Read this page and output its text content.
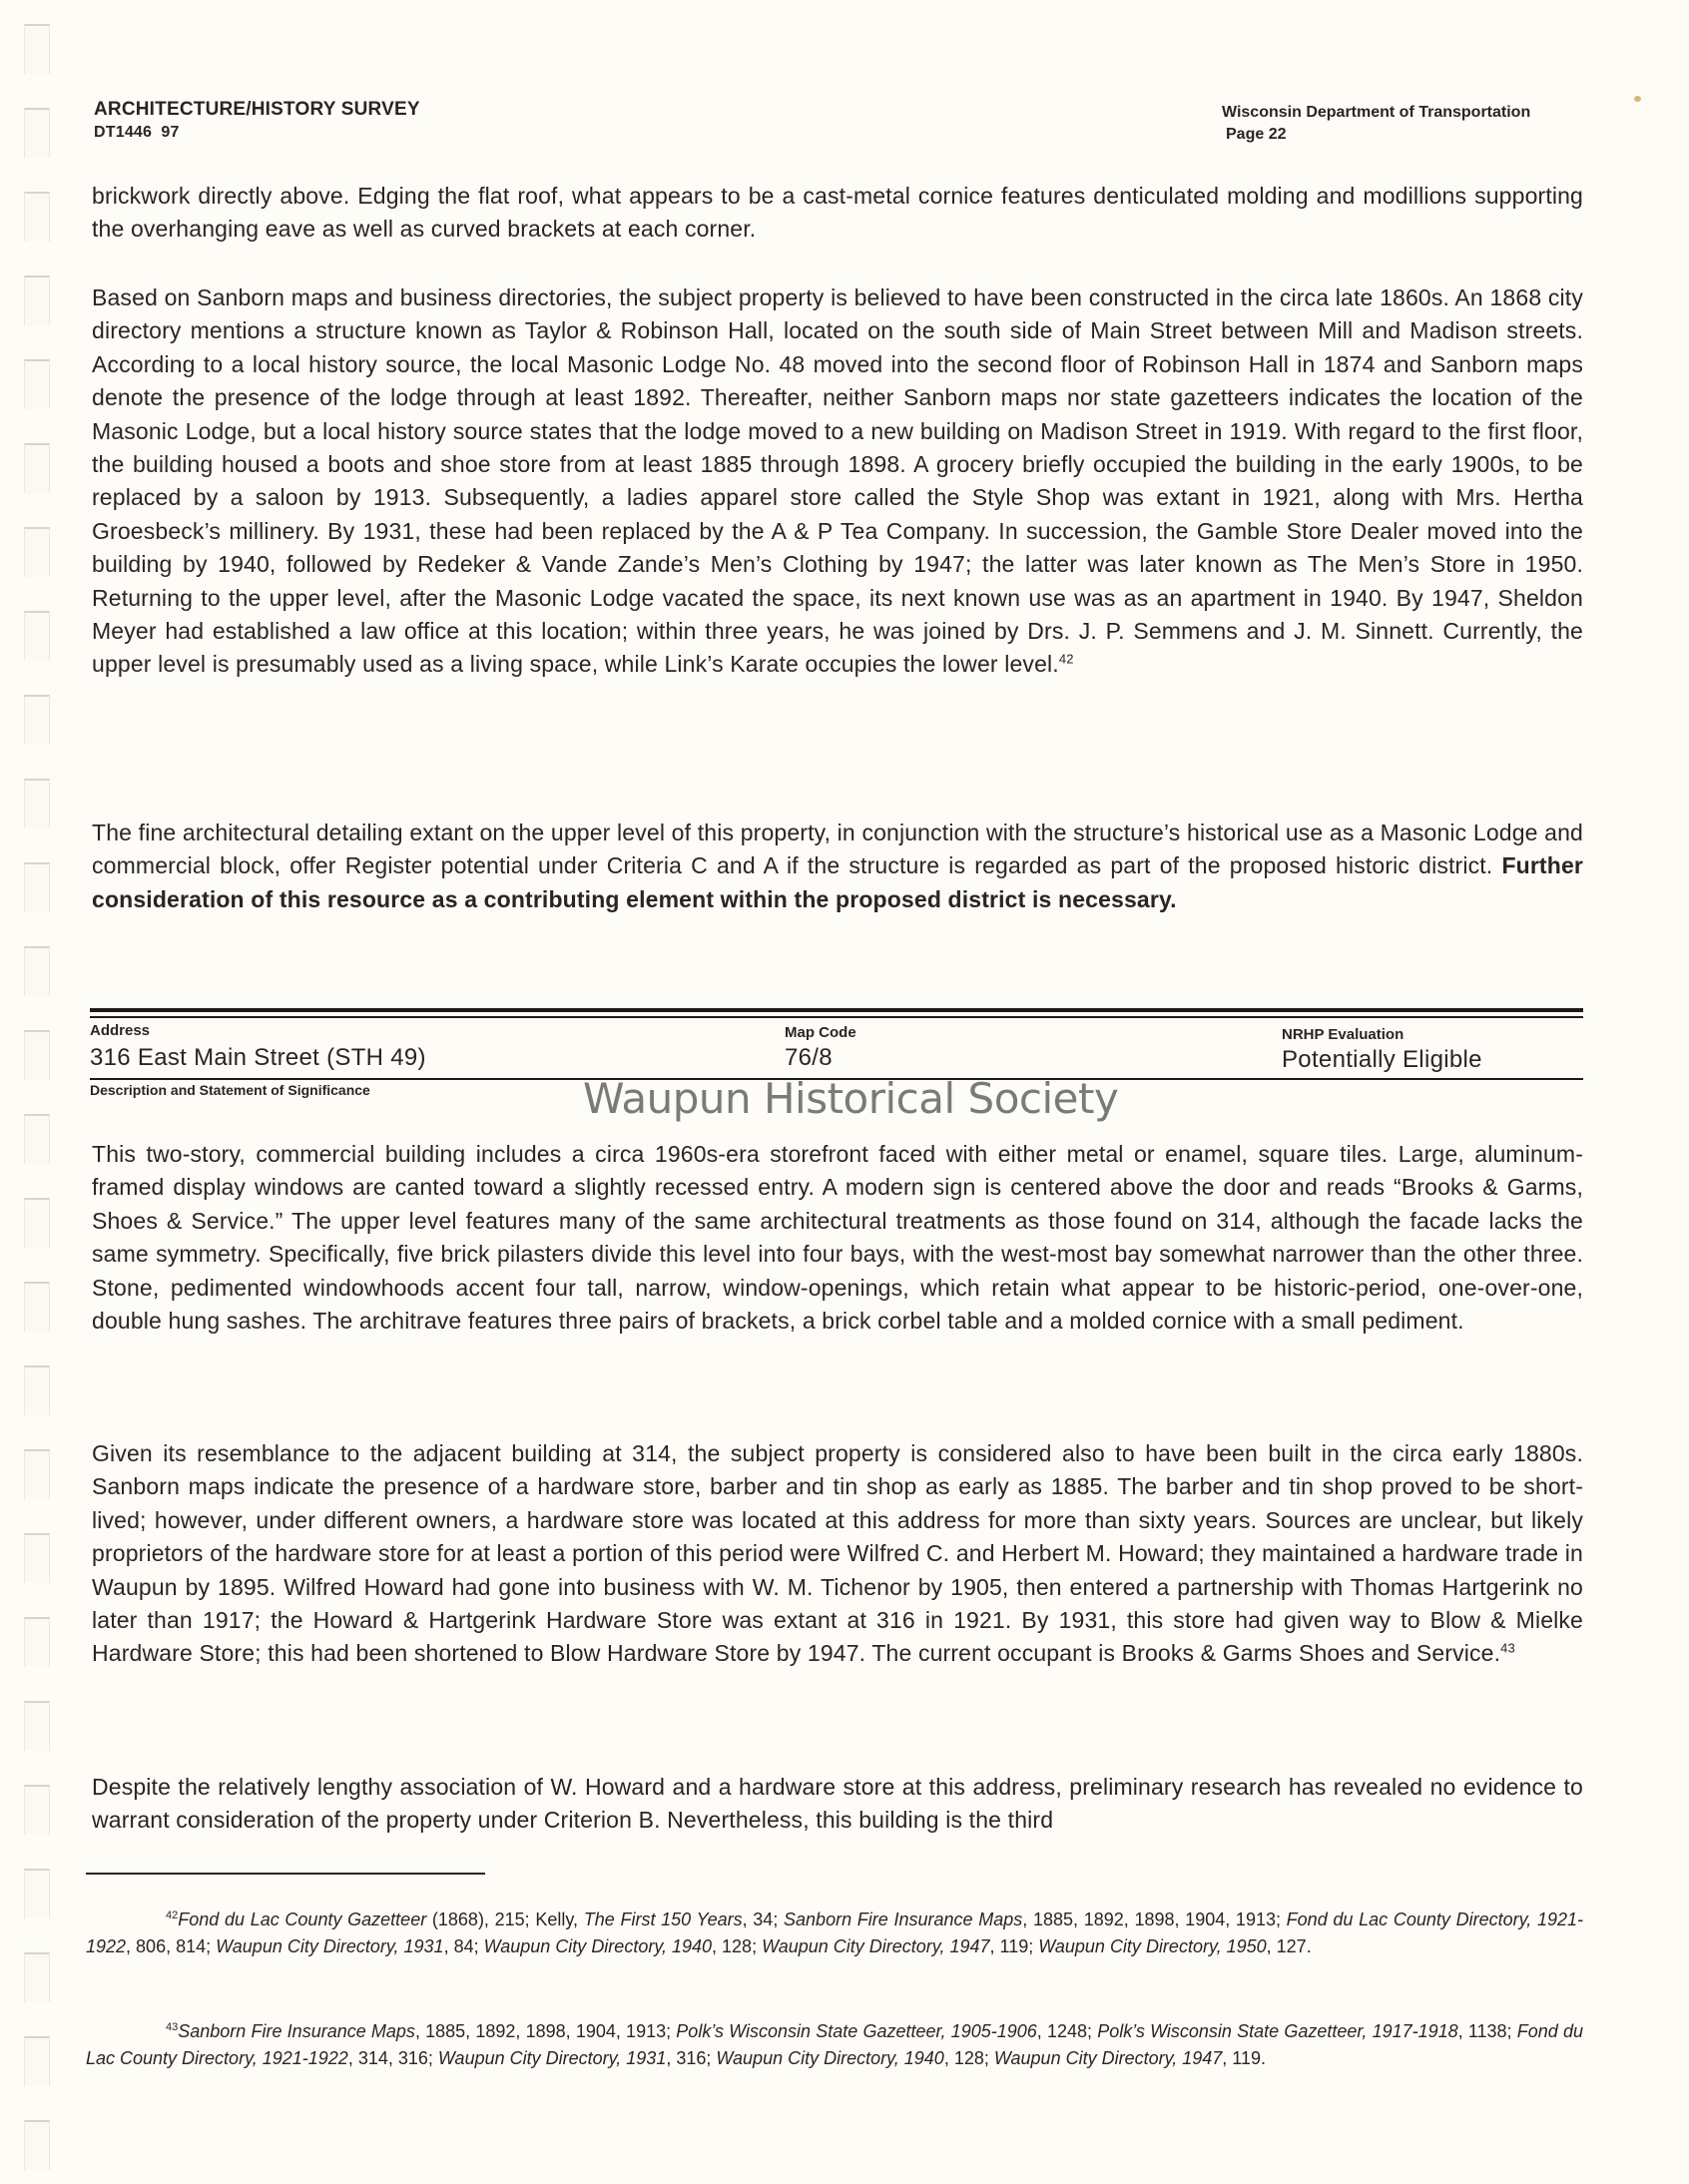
ARCHITECTURE/HISTORY SURVEY
DT1446  97
Wisconsin Department of Transportation
Page 22

brickwork directly above. Edging the flat roof, what appears to be a cast-metal cornice features denticulated molding and modillions supporting the overhanging eave as well as curved brackets at each corner.

Based on Sanborn maps and business directories, the subject property is believed to have been constructed in the circa late 1860s. An 1868 city directory mentions a structure known as Taylor & Robinson Hall, located on the south side of Main Street between Mill and Madison streets. According to a local history source, the local Masonic Lodge No. 48 moved into the second floor of Robinson Hall in 1874 and Sanborn maps denote the presence of the lodge through at least 1892. Thereafter, neither Sanborn maps nor state gazetteers indicates the location of the Masonic Lodge, but a local history source states that the lodge moved to a new building on Madison Street in 1919. With regard to the first floor, the building housed a boots and shoe store from at least 1885 through 1898. A grocery briefly occupied the building in the early 1900s, to be replaced by a saloon by 1913. Subsequently, a ladies apparel store called the Style Shop was extant in 1921, along with Mrs. Hertha Groesbeck’s millinery. By 1931, these had been replaced by the A & P Tea Company. In succession, the Gamble Store Dealer moved into the building by 1940, followed by Redeker & Vande Zande’s Men’s Clothing by 1947; the latter was later known as The Men’s Store in 1950. Returning to the upper level, after the Masonic Lodge vacated the space, its next known use was as an apartment in 1940. By 1947, Sheldon Meyer had established a law office at this location; within three years, he was joined by Drs. J. P. Semmens and J. M. Sinnett. Currently, the upper level is presumably used as a living space, while Link’s Karate occupies the lower level.$^{42}$

The fine architectural detailing extant on the upper level of this property, in conjunction with the structure’s historical use as a Masonic Lodge and commercial block, offer Register potential under Criteria C and A if the structure is regarded as part of the proposed historic district. Further consideration of this resource as a contributing element within the proposed district is necessary.

Address
316 East Main Street (STH 49)
Map Code
76/8
NRHP Evaluation
Potentially Eligible
Description and Statement of Significance	Waupun Historical Society

This two-story, commercial building includes a circa 1960s-era storefront faced with either metal or enamel, square tiles. Large, aluminum-framed display windows are canted toward a slightly recessed entry. A modern sign is centered above the door and reads “Brooks & Garms, Shoes & Service.” The upper level features many of the same architectural treatments as those found on 314, although the facade lacks the same symmetry. Specifically, five brick pilasters divide this level into four bays, with the west-most bay somewhat narrower than the other three. Stone, pedimented windowhoods accent four tall, narrow, window-openings, which retain what appear to be historic-period, one-over-one, double hung sashes. The architrave features three pairs of brackets, a brick corbel table and a molded cornice with a small pediment.

Given its resemblance to the adjacent building at 314, the subject property is considered also to have been built in the circa early 1880s. Sanborn maps indicate the presence of a hardware store, barber and tin shop as early as 1885. The barber and tin shop proved to be short-lived; however, under different owners, a hardware store was located at this address for more than sixty years. Sources are unclear, but likely proprietors of the hardware store for at least a portion of this period were Wilfred C. and Herbert M. Howard; they maintained a hardware trade in Waupun by 1895. Wilfred Howard had gone into business with W. M. Tichenor by 1905, then entered a partnership with Thomas Hartgerink no later than 1917; the Howard & Hartgerink Hardware Store was extant at 316 in 1921. By 1931, this store had given way to Blow & Mielke Hardware Store; this had been shortened to Blow Hardware Store by 1947. The current occupant is Brooks & Garms Shoes and Service.$^{43}$

Despite the relatively lengthy association of W. Howard and a hardware store at this address, preliminary research has revealed no evidence to warrant consideration of the property under Criterion B. Nevertheless, this building is the third

$^{42}$Fond du Lac County Gazetteer (1868), 215; Kelly, The First 150 Years, 34; Sanborn Fire Insurance Maps, 1885, 1892, 1898, 1904, 1913; Fond du Lac County Directory, 1921-1922, 806, 814; Waupun City Directory, 1931, 84; Waupun City Directory, 1940, 128; Waupun City Directory, 1947, 119; Waupun City Directory, 1950, 127.
$^{43}$Sanborn Fire Insurance Maps, 1885, 1892, 1898, 1904, 1913; Polk’s Wisconsin State Gazetteer, 1905-1906, 1248; Polk’s Wisconsin State Gazetteer, 1917-1918, 1138; Fond du Lac County Directory, 1921-1922, 314, 316; Waupun City Directory, 1931, 316; Waupun City Directory, 1940, 128; Waupun City Directory, 1947, 119.
